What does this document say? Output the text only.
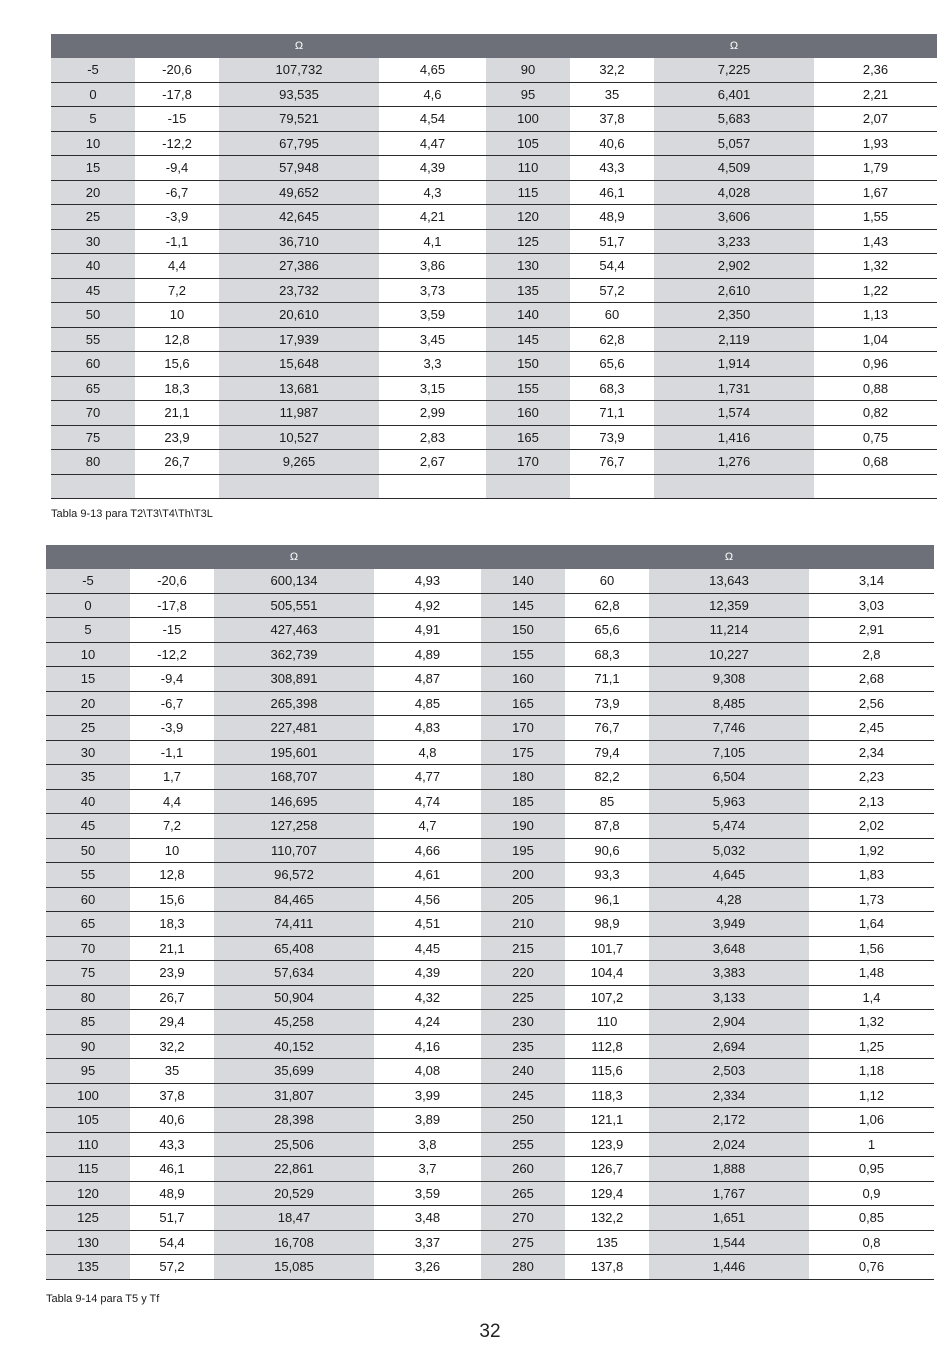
		Ω				Ω	
-5	-20,6	107,732	4,65	90	32,2	7,225	2,36
0	-17,8	93,535	4,6	95	35	6,401	2,21
5	-15	79,521	4,54	100	37,8	5,683	2,07
10	-12,2	67,795	4,47	105	40,6	5,057	1,93
15	-9,4	57,948	4,39	110	43,3	4,509	1,79
20	-6,7	49,652	4,3	115	46,1	4,028	1,67
25	-3,9	42,645	4,21	120	48,9	3,606	1,55
30	-1,1	36,710	4,1	125	51,7	3,233	1,43
40	4,4	27,386	3,86	130	54,4	2,902	1,32
45	7,2	23,732	3,73	135	57,2	2,610	1,22
50	10	20,610	3,59	140	60	2,350	1,13
55	12,8	17,939	3,45	145	62,8	2,119	1,04
60	15,6	15,648	3,3	150	65,6	1,914	0,96
65	18,3	13,681	3,15	155	68,3	1,731	0,88
70	21,1	11,987	2,99	160	71,1	1,574	0,82
75	23,9	10,527	2,83	165	73,9	1,416	0,75
80	26,7	9,265	2,67	170	76,7	1,276	0,68

Tabla 9-13 para T2\T3\T4\Th\T3L
		Ω				Ω	
-5	-20,6	600,134	4,93	140	60	13,643	3,14
0	-17,8	505,551	4,92	145	62,8	12,359	3,03
5	-15	427,463	4,91	150	65,6	11,214	2,91
10	-12,2	362,739	4,89	155	68,3	10,227	2,8
15	-9,4	308,891	4,87	160	71,1	9,308	2,68
20	-6,7	265,398	4,85	165	73,9	8,485	2,56
25	-3,9	227,481	4,83	170	76,7	7,746	2,45
30	-1,1	195,601	4,8	175	79,4	7,105	2,34
35	1,7	168,707	4,77	180	82,2	6,504	2,23
40	4,4	146,695	4,74	185	85	5,963	2,13
45	7,2	127,258	4,7	190	87,8	5,474	2,02
50	10	110,707	4,66	195	90,6	5,032	1,92
55	12,8	96,572	4,61	200	93,3	4,645	1,83
60	15,6	84,465	4,56	205	96,1	4,28	1,73
65	18,3	74,411	4,51	210	98,9	3,949	1,64
70	21,1	65,408	4,45	215	101,7	3,648	1,56
75	23,9	57,634	4,39	220	104,4	3,383	1,48
80	26,7	50,904	4,32	225	107,2	3,133	1,4
85	29,4	45,258	4,24	230	110	2,904	1,32
90	32,2	40,152	4,16	235	112,8	2,694	1,25
95	35	35,699	4,08	240	115,6	2,503	1,18
100	37,8	31,807	3,99	245	118,3	2,334	1,12
105	40,6	28,398	3,89	250	121,1	2,172	1,06
110	43,3	25,506	3,8	255	123,9	2,024	1
115	46,1	22,861	3,7	260	126,7	1,888	0,95
120	48,9	20,529	3,59	265	129,4	1,767	0,9
125	51,7	18,47	3,48	270	132,2	1,651	0,85
130	54,4	16,708	3,37	275	135	1,544	0,8
135	57,2	15,085	3,26	280	137,8	1,446	0,76
Tabla 9-14 para T5 y Tf
32
